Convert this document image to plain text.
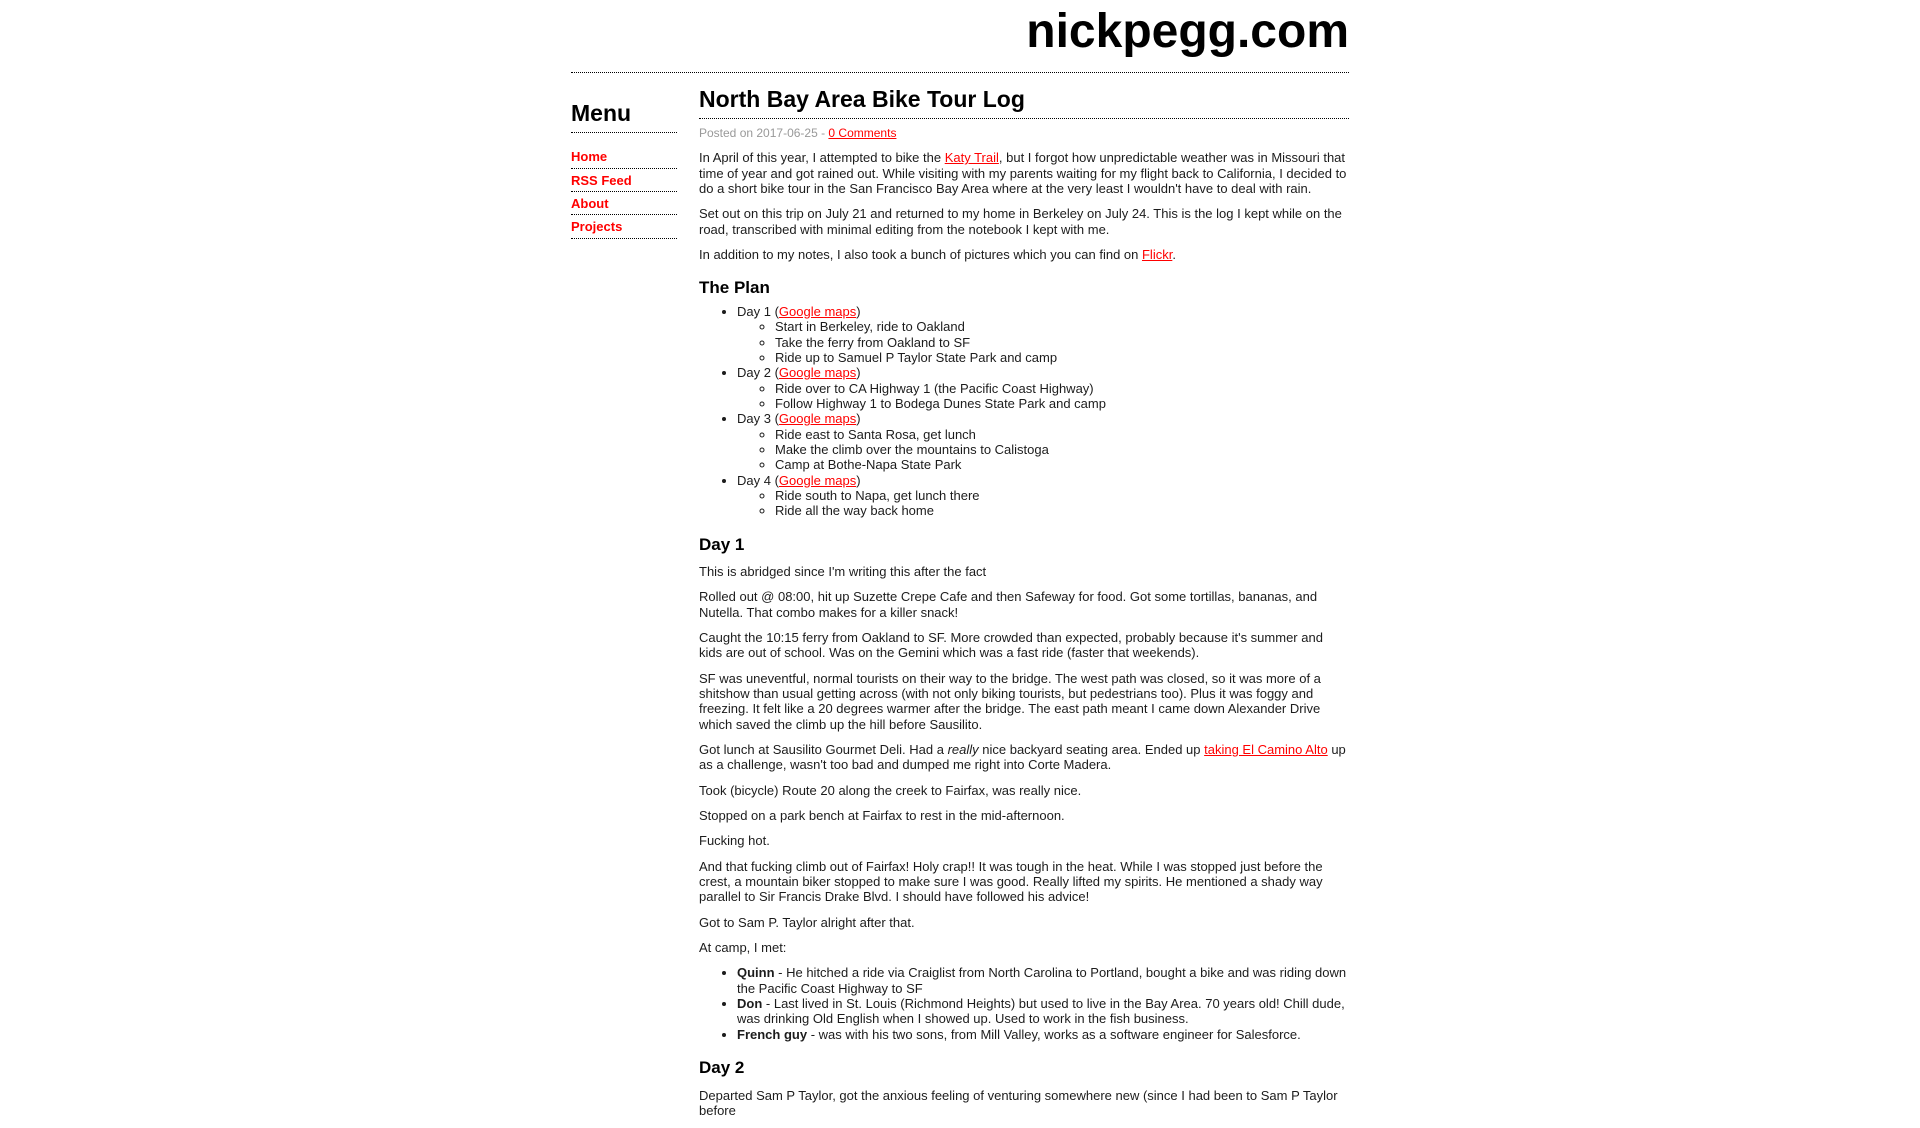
nickpegg.com
Menu
Home
RSS Feed
About
Projects
North Bay Area Bike Tour Log

Posted on 2017-06-25 - 0 Comments

In April of this year, I attempted to bike the Katy Trail, but I forgot how unpredictable weather was in Missouri that time of year and got rained out. While visiting with my parents waiting for my flight back to California, I decided to do a short bike tour in the San Francisco Bay Area where at the very least I wouldn't have to deal with rain.

Set out on this trip on July 21 and returned to my home in Berkeley on July 24. This is the log I kept while on the road, transcribed with minimal editing from the notebook I kept with me.

In addition to my notes, I also took a bunch of pictures which you can find on Flickr.

The Plan
• Day 1 (Google maps)
◦ Start in Berkeley, ride to Oakland
◦ Take the ferry from Oakland to SF
◦ Ride up to Samuel P Taylor State Park and camp
• Day 2 (Google maps)
◦ Ride over to CA Highway 1 (the Pacific Coast Highway)
◦ Follow Highway 1 to Bodega Dunes State Park and camp
• Day 3 (Google maps)
◦ Ride east to Santa Rosa, get lunch
◦ Make the climb over the mountains to Calistoga
◦ Camp at Bothe-Napa State Park
• Day 4 (Google maps)
◦ Ride south to Napa, get lunch there
◦ Ride all the way back home
Day 1

This is abridged since I'm writing this after the fact

Rolled out @ 08:00, hit up Suzette Crepe Cafe and then Safeway for food. Got some tortillas, bananas, and Nutella. That combo makes for a killer snack!

Caught the 10:15 ferry from Oakland to SF. More crowded than expected, probably because it's summer and kids are out of school. Was on the Gemini which was a fast ride (faster that weekends).

SF was uneventful, normal tourists on their way to the bridge. The west path was closed, so it was more of a shitshow than usual getting across (with not only biking tourists, but pedestrians too). Plus it was foggy and freezing. It felt like a 20 degrees warmer after the bridge. The east path meant I came down Alexander Drive which saved the climb up the hill before Sausilito.

Got lunch at Sausilito Gourmet Deli. Had a really nice backyard seating area. Ended up taking El Camino Alto up as a challenge, wasn't too bad and dumped me right into Corte Madera.

Took (bicycle) Route 20 along the creek to Fairfax, was really nice.

Stopped on a park bench at Fairfax to rest in the mid-afternoon.

Fucking hot.

And that fucking climb out of Fairfax! Holy crap!! It was tough in the heat. While I was stopped just before the crest, a mountain biker stopped to make sure I was good. Really lifted my spirits. He mentioned a shady way parallel to Sir Francis Drake Blvd. I should have followed his advice!

Got to Sam P. Taylor alright after that.

At camp, I met:

• Quinn - He hitched a ride via Craiglist from North Carolina to Portland, bought a bike and was riding down the Pacific Coast Highway to SF
• Don - Last lived in St. Louis (Richmond Heights) but used to live in the Bay Area. 70 years old! Chill dude, was drinking Old English when I showed up. Used to work in the fish business.
• French guy - was with his two sons, from Mill Valley, works as a software engineer for Salesforce.
Day 2

Departed Sam P Taylor, got the anxious feeling of venturing somewhere new (since I had been to Sam P Taylor before
